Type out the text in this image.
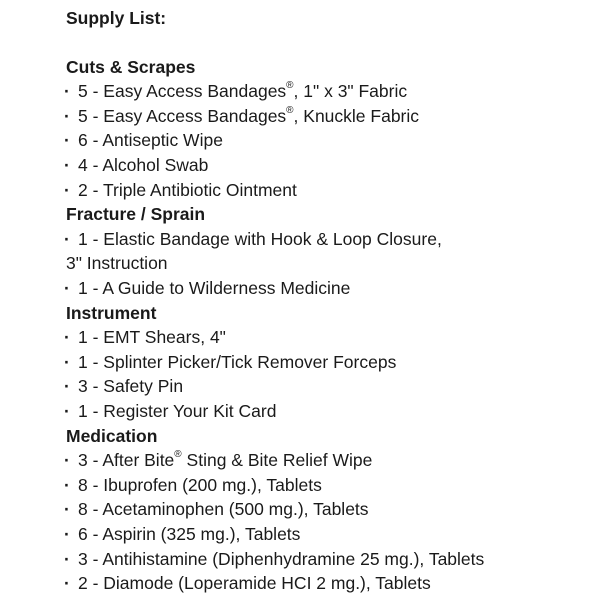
Supply List:
Cuts & Scrapes
· 5 - Easy Access Bandages®, 1" x 3" Fabric
· 5 - Easy Access Bandages®, Knuckle Fabric
· 6 - Antiseptic Wipe
· 4 - Alcohol Swab
· 2 - Triple Antibiotic Ointment
Fracture / Sprain
· 1 - Elastic Bandage with Hook & Loop Closure,
3" Instruction
· 1 - A Guide to Wilderness Medicine
Instrument
· 1 - EMT Shears, 4"
· 1 - Splinter Picker/Tick Remover Forceps
· 3 - Safety Pin
· 1 - Register Your Kit Card
Medication
· 3 - After Bite® Sting & Bite Relief Wipe
· 8 - Ibuprofen (200 mg.), Tablets
· 8 - Acetaminophen (500 mg.), Tablets
· 6 - Aspirin (325 mg.), Tablets
· 3 - Antihistamine (Diphenhydramine 25 mg.), Tablets
· 2 - Diamode (Loperamide HCI 2 mg.), Tablets
